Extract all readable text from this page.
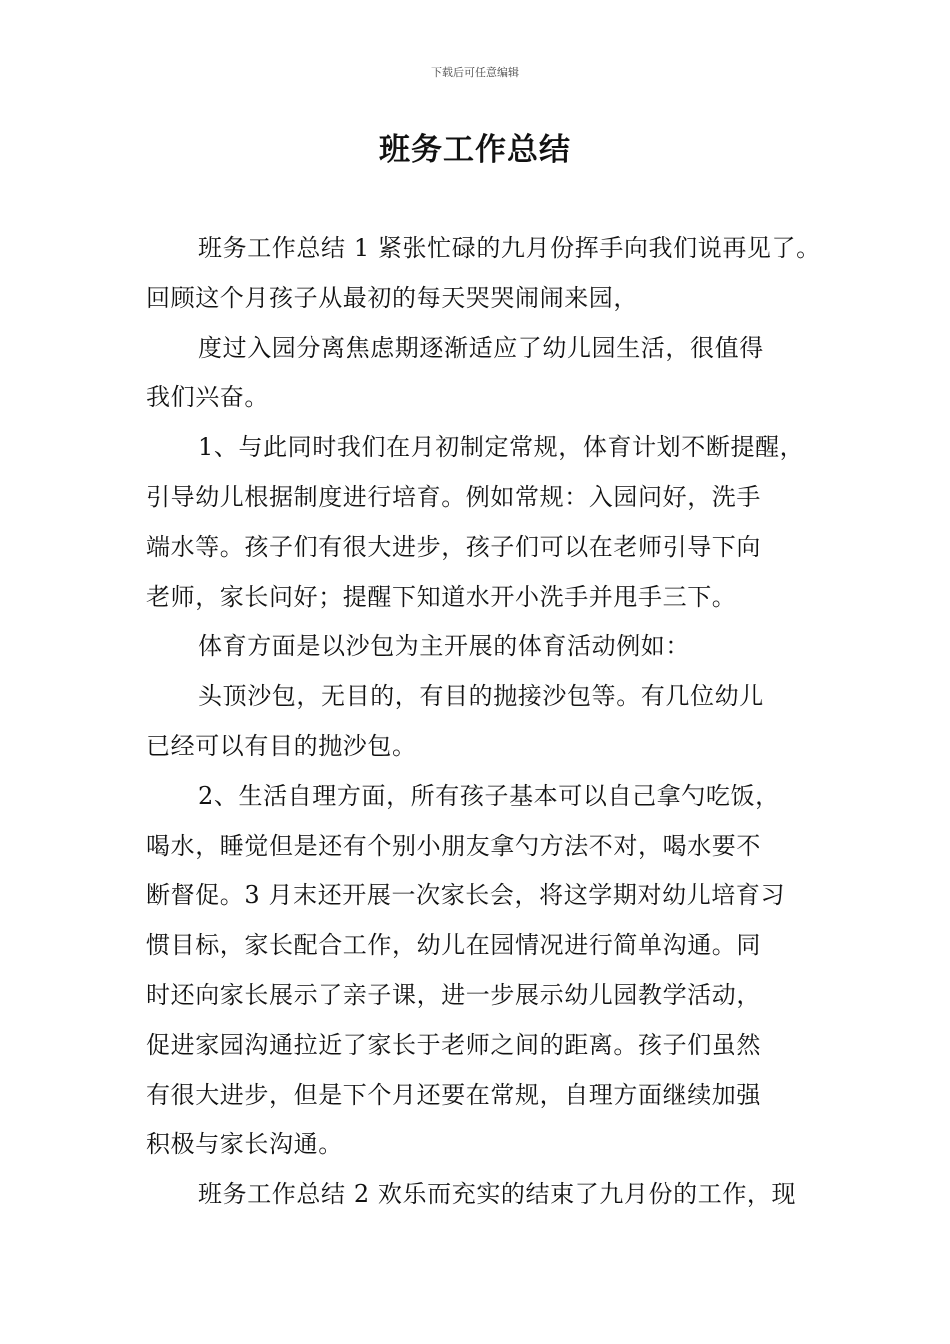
下载后可任意编辑
班务工作总结
班务工作总结 1 紧张忙碌的九月份挥手向我们说再见了。
回顾这个月孩子从最初的每天哭哭闹闹来园，
度过入园分离焦虑期逐渐适应了幼儿园生活，很值得
我们兴奋。
1、与此同时我们在月初制定常规，体育计划不断提醒，
引导幼儿根据制度进行培育。例如常规：入园问好，洗手
端水等。孩子们有很大进步，孩子们可以在老师引导下向
老师，家长问好；提醒下知道水开小洗手并甩手三下。
体育方面是以沙包为主开展的体育活动例如：
头顶沙包，无目的，有目的抛接沙包等。有几位幼儿
已经可以有目的抛沙包。
2、生活自理方面，所有孩子基本可以自己拿勺吃饭，
喝水，睡觉但是还有个别小朋友拿勺方法不对，喝水要不
断督促。3 月末还开展一次家长会，将这学期对幼儿培育习
惯目标，家长配合工作，幼儿在园情况进行简单沟通。同
时还向家长展示了亲子课，进一步展示幼儿园教学活动，
促进家园沟通拉近了家长于老师之间的距离。孩子们虽然
有很大进步，但是下个月还要在常规，自理方面继续加强
积极与家长沟通。
班务工作总结 2 欢乐而充实的结束了九月份的工作，现
